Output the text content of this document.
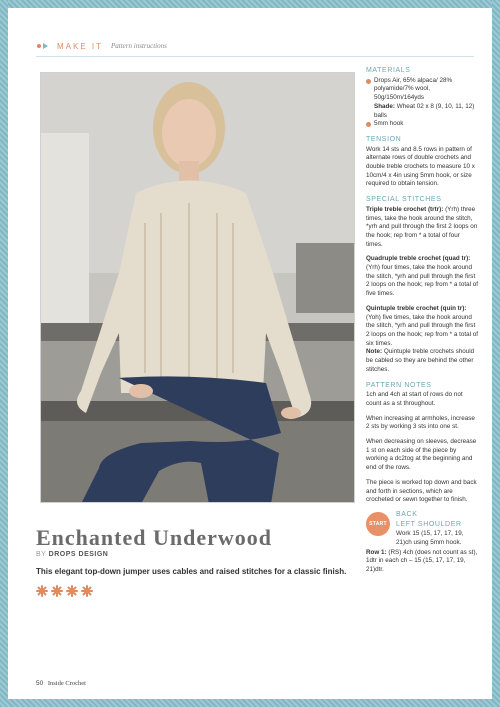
MAKE IT Pattern instructions
Enchanted Underwood
BY DROPS DESIGN
This elegant top-down jumper uses cables and raised stitches for a classic finish.
50 Inside Crochet
MATERIALS
Drops Air, 65% alpaca/ 28% polyamide/7% wool, 50g/150m/164yds
Shade: Wheat 02 x 8 (9, 10, 11, 12) balls
5mm hook
TENSION

Work 14 sts and 8.5 rows in pattern of alternate rows of double crochets and double treble crochets to measure 10 x 10cm/4 x 4in using 5mm hook, or size required to obtain tension.

SPECIAL STITCHES

Triple treble crochet (trtr): (Yrh) three times, take the hook around the stitch, *yrh and pull through the first 2 loops on the hook; rep from * a total of four times.

Quadruple treble crochet (quad tr): (Yrh) four times, take the hook around the stitch, *yrh and pull through the first 2 loops on the hook; rep from * a total of five times.

Quintuple treble crochet (quin tr): (Yoh) five times, take the hook around the stitch, *yrh and pull through the first 2 loops on the hook; rep from * a total of six times.
Note: Quintuple treble crochets should be cabled so they are behind the other stitches.

PATTERN NOTES

1ch and 4ch at start of rows do not count as a st throughout.

When increasing at armholes, increase 2 sts by working 3 sts into one st.

When decreasing on sleeves, decrease 1 st on each side of the piece by working a dc2tog at the beginning and end of the rows.

The piece is worked top down and back and forth in sections, which are crocheted or sewn together to finish.

START
BACK
LEFT SHOULDER
Work 15 (15, 17, 17, 19, 21)ch using 5mm hook.

Row 1: (RS) 4ch (does not count as st), 1dtr in each ch – 15 (15, 17, 17, 19, 21)dtr.
